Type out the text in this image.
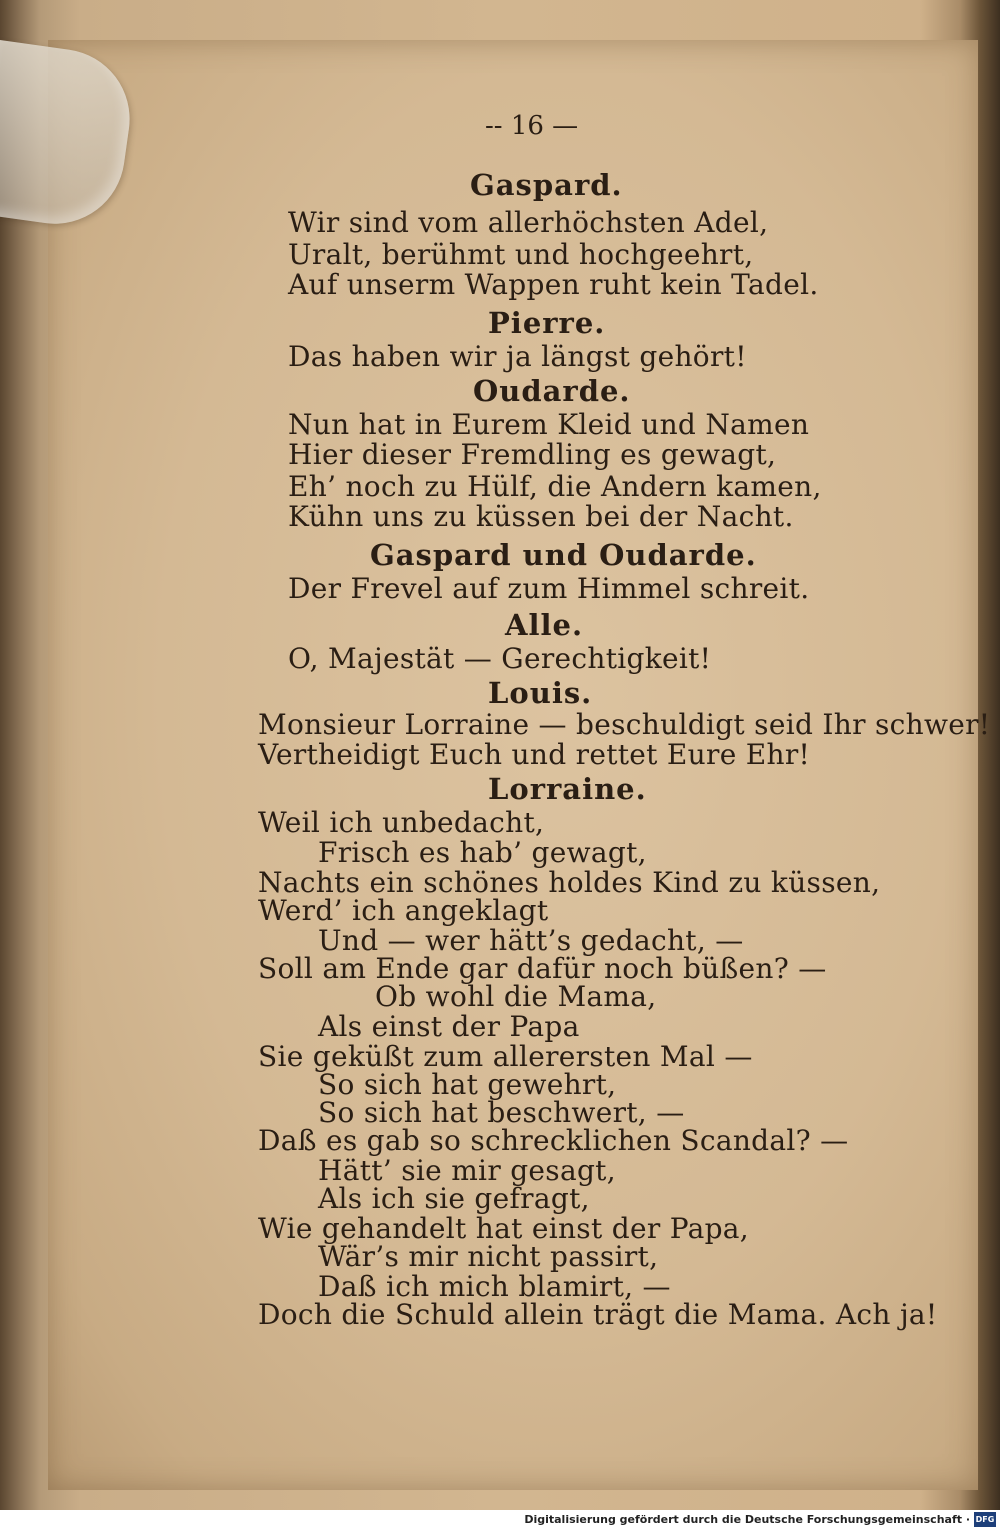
-- 16 —
Gaspard.
Wir sind vom allerhöchsten Adel,
Uralt, berühmt und hochgeehrt,
Auf unserm Wappen ruht kein Tadel.
Pierre.
Das haben wir ja längst gehört!
Oudarde.
Nun hat in Eurem Kleid und Namen
Hier dieser Fremdling es gewagt,
Eh’ noch zu Hülf, die Andern kamen,
Kühn uns zu küssen bei der Nacht.
Gaspard und Oudarde.
Der Frevel auf zum Himmel schreit.
Alle.
O, Majestät — Gerechtigkeit!
Louis.
Monsieur Lorraine — beschuldigt seid Ihr schwer!
Vertheidigt Euch und rettet Eure Ehr!
Lorraine.
Weil ich unbedacht,
Frisch es hab’ gewagt,
Nachts ein schönes holdes Kind zu küssen,
Werd’ ich angeklagt
Und — wer hätt’s gedacht, —
Soll am Ende gar dafür noch büßen? —
Ob wohl die Mama,
Als einst der Papa
Sie geküßt zum allerersten Mal —
So sich hat gewehrt,
So sich hat beschwert, —
Daß es gab so schrecklichen Scandal? —
Hätt’ sie mir gesagt,
Als ich sie gefragt,
Wie gehandelt hat einst der Papa,
Wär’s mir nicht passirt,
Daß ich mich blamirt, —
Doch die Schuld allein trägt die Mama. Ach ja!
Digitalisierung gefördert durch die Deutsche Forschungsgemeinschaft · DFG
